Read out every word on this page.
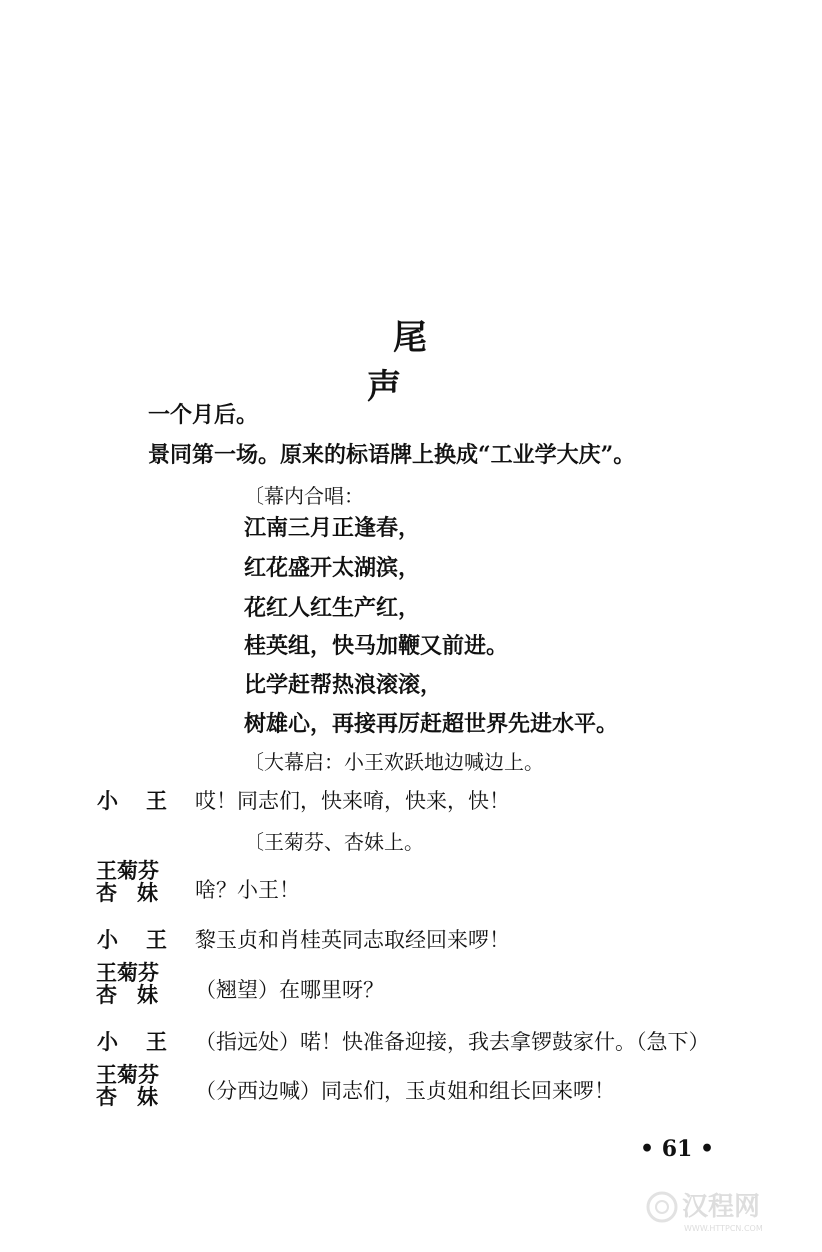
尾　声
一个月后。
景同第一场。原来的标语牌上换成“工业学大庆”。
〔幕内合唱：
江南三月正逢春，
红花盛开太湖滨，
花红人红生产红，
桂英组，快马加鞭又前进。
比学赶帮热浪滚滚，
树雄心，再接再厉赶超世界先进水平。
〔大幕启：小王欢跃地边喊边上。
小王 哎！同志们，快来唷，快来，快！
〔王菊芬、杏妹上。
王菊芬
杏妹 啥？小王！
小王 黎玉贞和肖桂英同志取经回来啰！
王菊芬
杏妹 （翘望）在哪里呀？
小王 （指远处）喏！快准备迎接，我去拿锣鼓家什。（急下）
王菊芬
杏妹 （分西边喊）同志们，玉贞姐和组长回来啰！
• 61 •
汉程网
WWW.HTTPCN.COM
